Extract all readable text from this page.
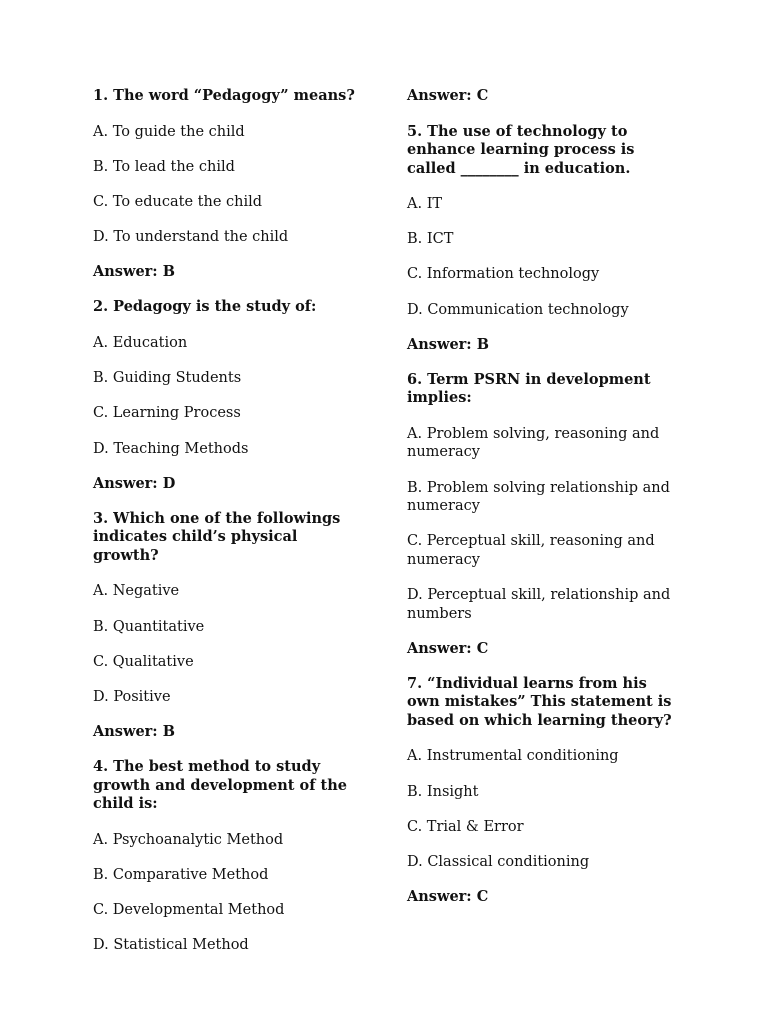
1. The word “Pedagogy” means?
A. To guide the child
B. To lead the child
C. To educate the child
D. To understand the child
Answer: B
2. Pedagogy is the study of:
A. Education
B. Guiding Students
C. Learning Process
D. Teaching Methods
Answer: D
3. Which one of the followings indicates child’s physical growth?
A. Negative
B. Quantitative
C. Qualitative
D. Positive
Answer: B
4. The best method to study growth and development of the child is:
A. Psychoanalytic Method
B. Comparative Method
C. Developmental Method
D. Statistical Method
Answer: C
5. The use of technology to enhance learning process is called ________ in education.
A. IT
B. ICT
C. Information technology
D. Communication technology
Answer: B
6. Term PSRN in development implies:
A. Problem solving, reasoning and numeracy
B. Problem solving relationship and numeracy
C. Perceptual skill, reasoning and numeracy
D. Perceptual skill, relationship and numbers
Answer: C
7. “Individual learns from his own mistakes” This statement is based on which learning theory?
A. Instrumental conditioning
B. Insight
C. Trial & Error
D. Classical conditioning
Answer: C
